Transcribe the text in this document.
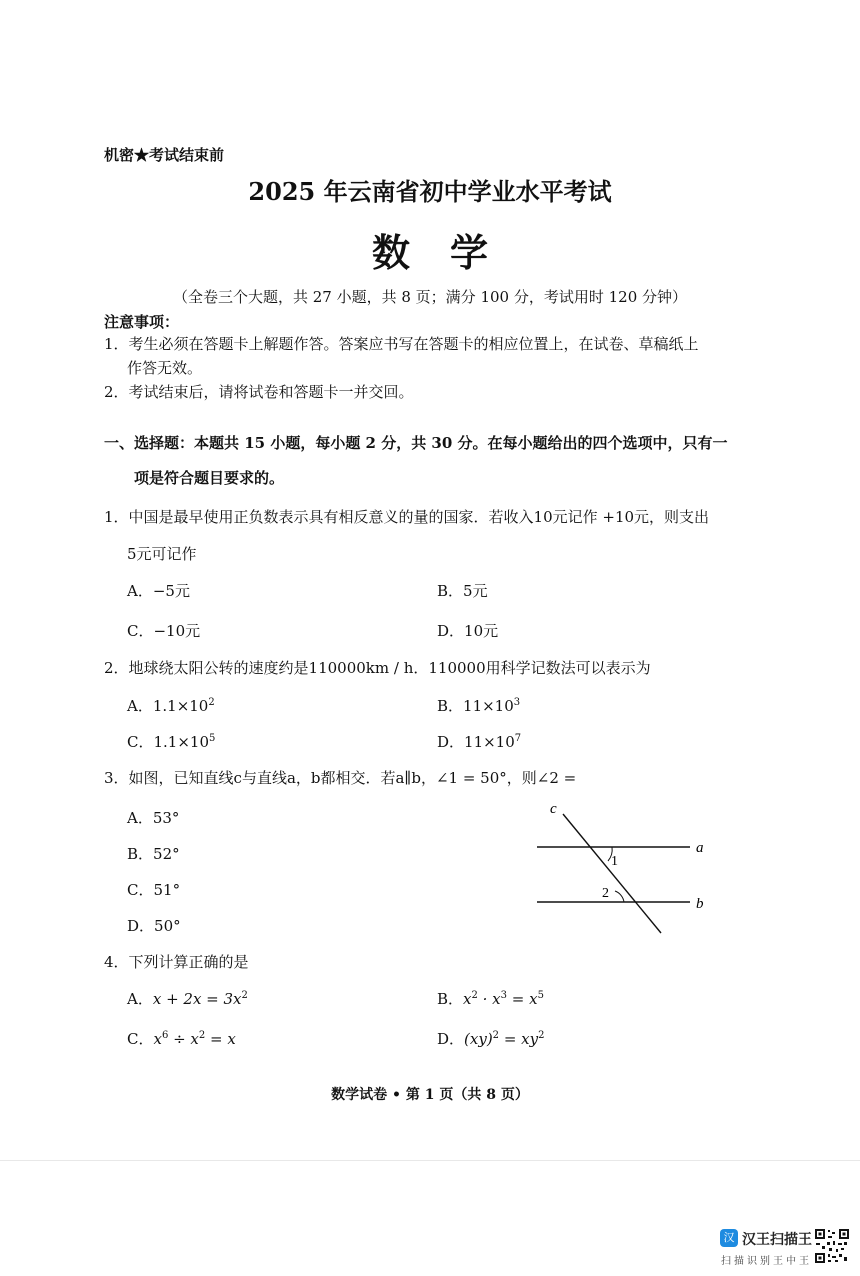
机密★考试结束前
2025 年云南省初中学业水平考试
数学
（全卷三个大题，共 27 小题，共 8 页；满分 100 分，考试用时 120 分钟）
注意事项：
1．考生必须在答题卡上解题作答。答案应书写在答题卡的相应位置上，在试卷、草稿纸上
作答无效。
2．考试结束后，请将试卷和答题卡一并交回。
一、选择题：本题共 15 小题，每小题 2 分，共 30 分。在每小题给出的四个选项中，只有一
项是符合题目要求的。
1．中国是最早使用正负数表示具有相反意义的量的国家．若收入10元记作 +10元，则支出
5元可记作
A．−5元	B．5元
C．−10元	D．10元
2．地球绕太阳公转的速度约是110000km / h．110000用科学记数法可以表示为
A．$1.1\times 10^2$	B．$11\times 10^3$
C．$1.1\times 10^5$	D．$11\times 10^7$
3．如图，已知直线c与直线a，b都相交．若a∥b，∠1 = 50°，则∠2 =
A．53°
B．52°
C．51°
D．50°
c
a
b
1
2
4．下列计算正确的是
A．$x + 2x = 3x^2$	B．$x^2 \cdot x^3 = x^5$
C．$x^6 \div x^2 = x$	D．$(xy)^2 = xy^2$
数学试卷 • 第 1 页（共 8 页）
汉 汉王扫描王
扫描识别王中王
